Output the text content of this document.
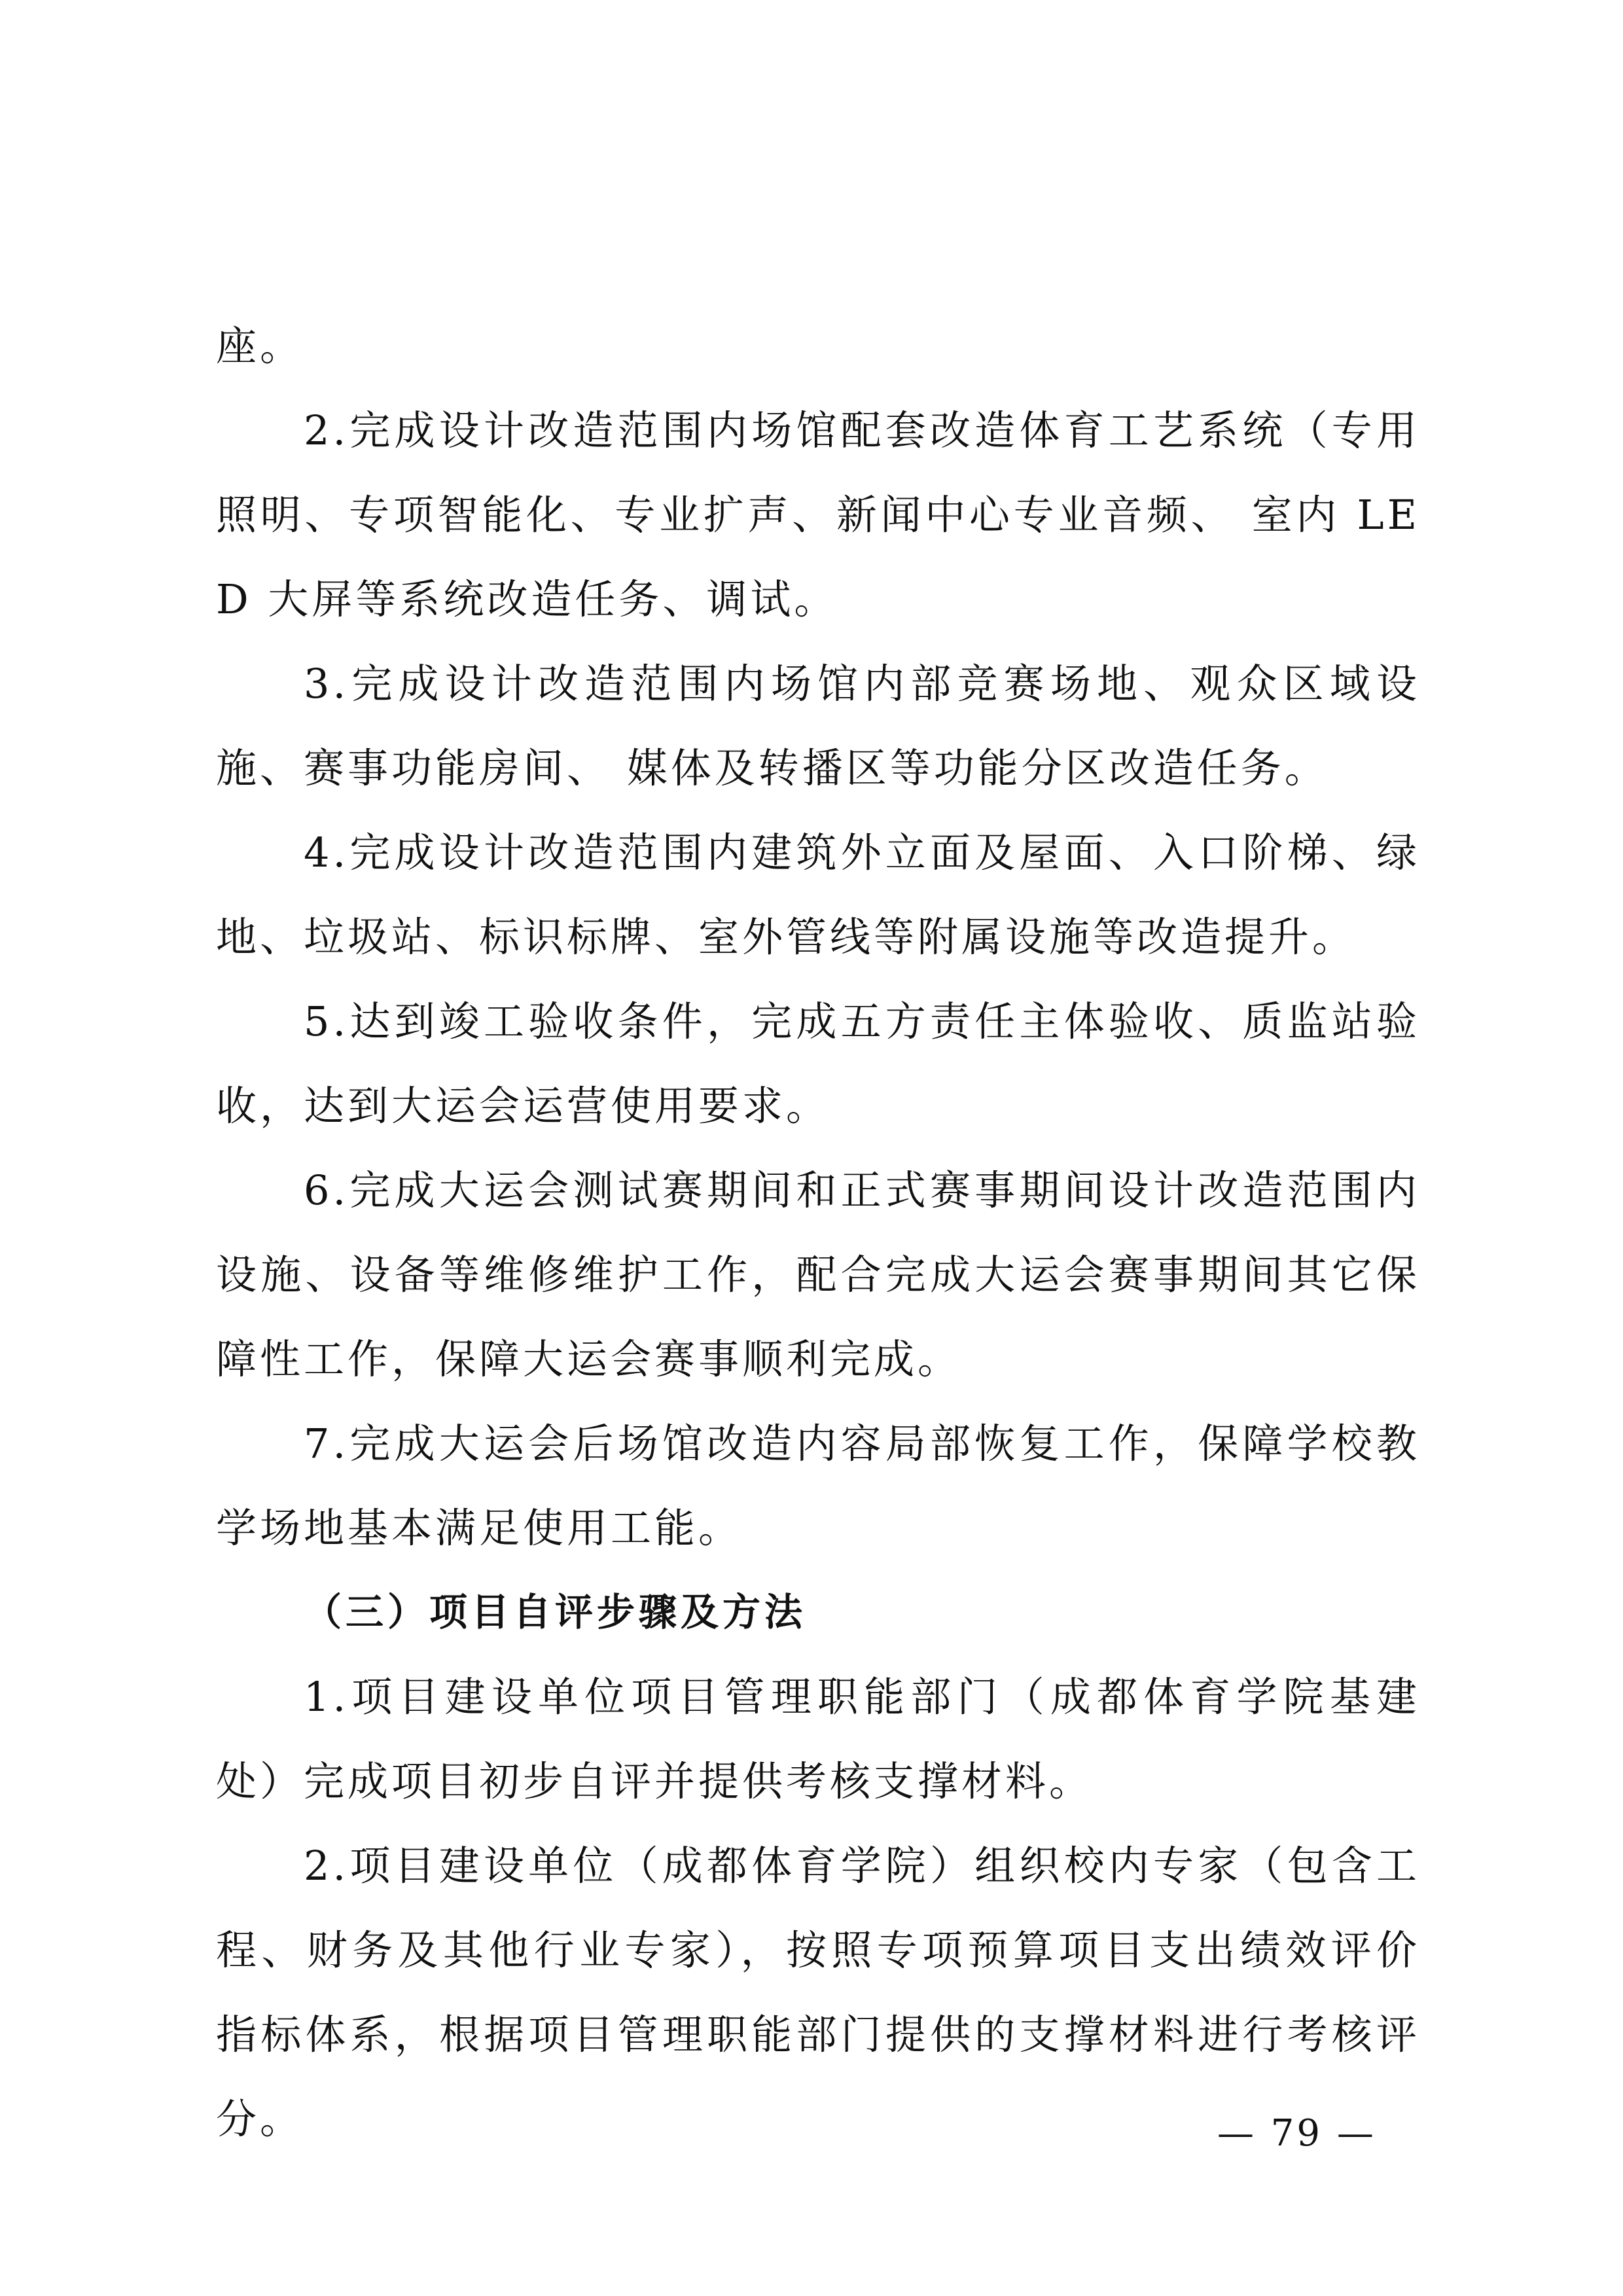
座。

2.完成设计改造范围内场馆配套改造体育工艺系统（专用照明、专项智能化、专业扩声、新闻中心专业音频、 室内 LED 大屏等系统改造任务、调试。

3.完成设计改造范围内场馆内部竞赛场地、观众区域设施、赛事功能房间、 媒体及转播区等功能分区改造任务。

4.完成设计改造范围内建筑外立面及屋面、入口阶梯、绿地、垃圾站、标识标牌、室外管线等附属设施等改造提升。

5.达到竣工验收条件，完成五方责任主体验收、质监站验收，达到大运会运营使用要求。

6.完成大运会测试赛期间和正式赛事期间设计改造范围内设施、设备等维修维护工作，配合完成大运会赛事期间其它保障性工作，保障大运会赛事顺利完成。

7.完成大运会后场馆改造内容局部恢复工作，保障学校教学场地基本满足使用工能。

（三）项目自评步骤及方法

1.项目建设单位项目管理职能部门（成都体育学院基建处）完成项目初步自评并提供考核支撑材料。

2.项目建设单位（成都体育学院）组织校内专家（包含工程、财务及其他行业专家），按照专项预算项目支出绩效评价指标体系，根据项目管理职能部门提供的支撑材料进行考核评分。	— 79 —
